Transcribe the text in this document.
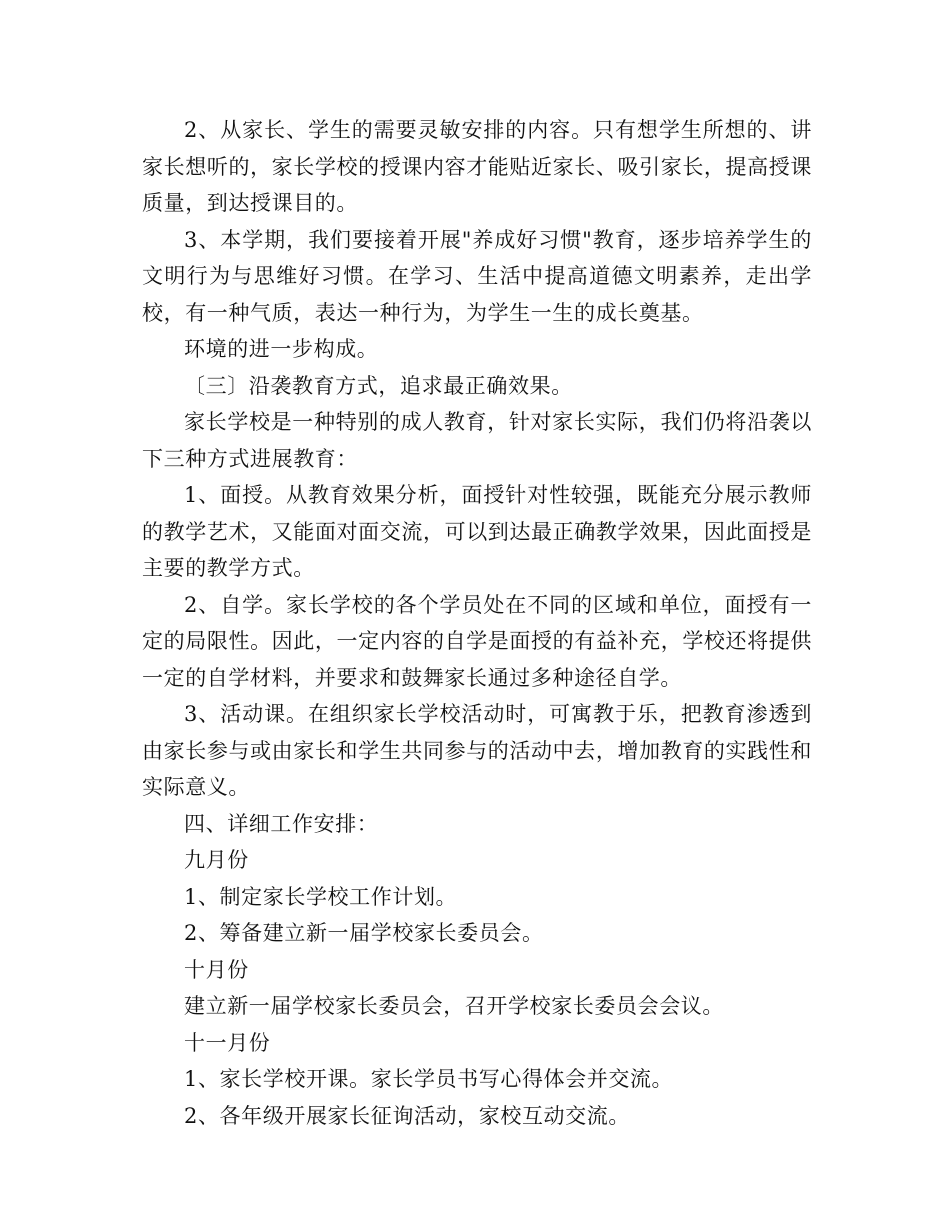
2、从家长、学生的需要灵敏安排的内容。只有想学生所想的、讲家长想听的，家长学校的授课内容才能贴近家长、吸引家长，提高授课质量，到达授课目的。

3、本学期，我们要接着开展"养成好习惯"教育，逐步培养学生的文明行为与思维好习惯。在学习、生活中提高道德文明素养，走出学校，有一种气质，表达一种行为，为学生一生的成长奠基。

环境的进一步构成。

〔三〕沿袭教育方式，追求最正确效果。

家长学校是一种特别的成人教育，针对家长实际，我们仍将沿袭以下三种方式进展教育：

1、面授。从教育效果分析，面授针对性较强，既能充分展示教师的教学艺术，又能面对面交流，可以到达最正确教学效果，因此面授是主要的教学方式。

2、自学。家长学校的各个学员处在不同的区域和单位，面授有一定的局限性。因此，一定内容的自学是面授的有益补充，学校还将提供一定的自学材料，并要求和鼓舞家长通过多种途径自学。

3、活动课。在组织家长学校活动时，可寓教于乐，把教育渗透到由家长参与或由家长和学生共同参与的活动中去，增加教育的实践性和实际意义。

四、详细工作安排：

九月份

1、制定家长学校工作计划。

2、筹备建立新一届学校家长委员会。

十月份

建立新一届学校家长委员会，召开学校家长委员会会议。

十一月份

1、家长学校开课。家长学员书写心得体会并交流。

2、各年级开展家长征询活动，家校互动交流。
